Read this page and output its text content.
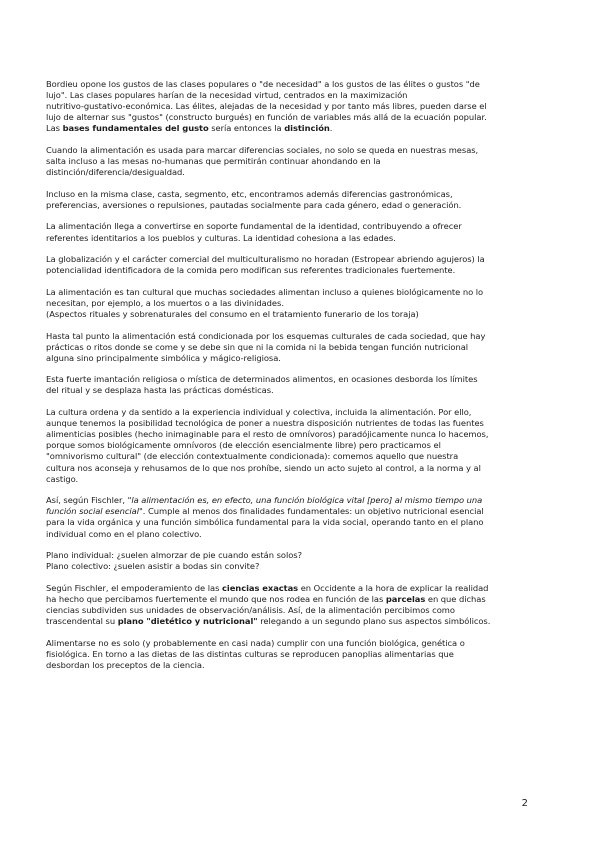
Bordieu opone los gustos de las clases populares o "de necesidad" a los gustos de las élites o gustos "de
lujo". Las clases populares harían de la necesidad virtud, centrados en la maximización
nutritivo-gustativo-económica. Las élites, alejadas de la necesidad y por tanto más libres, pueden darse el
lujo de alternar sus "gustos" (constructo burgués) en función de variables más allá de la ecuación popular.
Las bases fundamentales del gusto sería entonces la distinción.

Cuando la alimentación es usada para marcar diferencias sociales, no solo se queda en nuestras mesas,
salta incluso a las mesas no-humanas que permitirán continuar ahondando en la
distinción/diferencia/desigualdad.

Incluso en la misma clase, casta, segmento, etc, encontramos además diferencias gastronómicas,
preferencias, aversiones o repulsiones, pautadas socialmente para cada género, edad o generación.

La alimentación llega a convertirse en soporte fundamental de la identidad, contribuyendo a ofrecer
referentes identitarios a los pueblos y culturas. La identidad cohesiona a las edades.

La globalización y el carácter comercial del multiculturalismo no horadan (Estropear abriendo agujeros) la
potencialidad identificadora de la comida pero modifican sus referentes tradicionales fuertemente.

La alimentación es tan cultural que muchas sociedades alimentan incluso a quienes biológicamente no lo
necesitan, por ejemplo, a los muertos o a las divinidades.
(Aspectos rituales y sobrenaturales del consumo en el tratamiento funerario de los toraja)

Hasta tal punto la alimentación está condicionada por los esquemas culturales de cada sociedad, que hay
prácticas o ritos donde se come y se debe sin que ni la comida ni la bebida tengan función nutricional
alguna sino principalmente simbólica y mágico-religiosa.

Esta fuerte imantación religiosa o mística de determinados alimentos, en ocasiones desborda los límites
del ritual y se desplaza hasta las prácticas domésticas.

La cultura ordena y da sentido a la experiencia individual y colectiva, incluida la alimentación. Por ello,
aunque tenemos la posibilidad tecnológica de poner a nuestra disposición nutrientes de todas las fuentes
alimenticias posibles (hecho inimaginable para el resto de omnívoros) paradójicamente nunca lo hacemos,
porque somos biológicamente omnívoros (de elección esencialmente libre) pero practicamos el
"omnivorismo cultural" (de elección contextualmente condicionada): comemos aquello que nuestra
cultura nos aconseja y rehusamos de lo que nos prohíbe, siendo un acto sujeto al control, a la norma y al
castigo.

Así, según Fischler, "la alimentación es, en efecto, una función biológica vital [pero] al mismo tiempo una
función social esencial". Cumple al menos dos finalidades fundamentales: un objetivo nutricional esencial
para la vida orgánica y una función simbólica fundamental para la vida social, operando tanto en el plano
individual como en el plano colectivo.

Plano individual: ¿suelen almorzar de pie cuando están solos?
Plano colectivo: ¿suelen asistir a bodas sin convite?

Según Fischler, el empoderamiento de las ciencias exactas en Occidente a la hora de explicar la realidad
ha hecho que percibamos fuertemente el mundo que nos rodea en función de las parcelas en que dichas
ciencias subdividen sus unidades de observación/análisis. Así, de la alimentación percibimos como
trascendental su plano "dietético y nutricional" relegando a un segundo plano sus aspectos simbólicos.

Alimentarse no es solo (y probablemente en casi nada) cumplir con una función biológica, genética o
fisiológica. En torno a las dietas de las distintas culturas se reproducen panoplias alimentarias que
desbordan los preceptos de la ciencia.

2
